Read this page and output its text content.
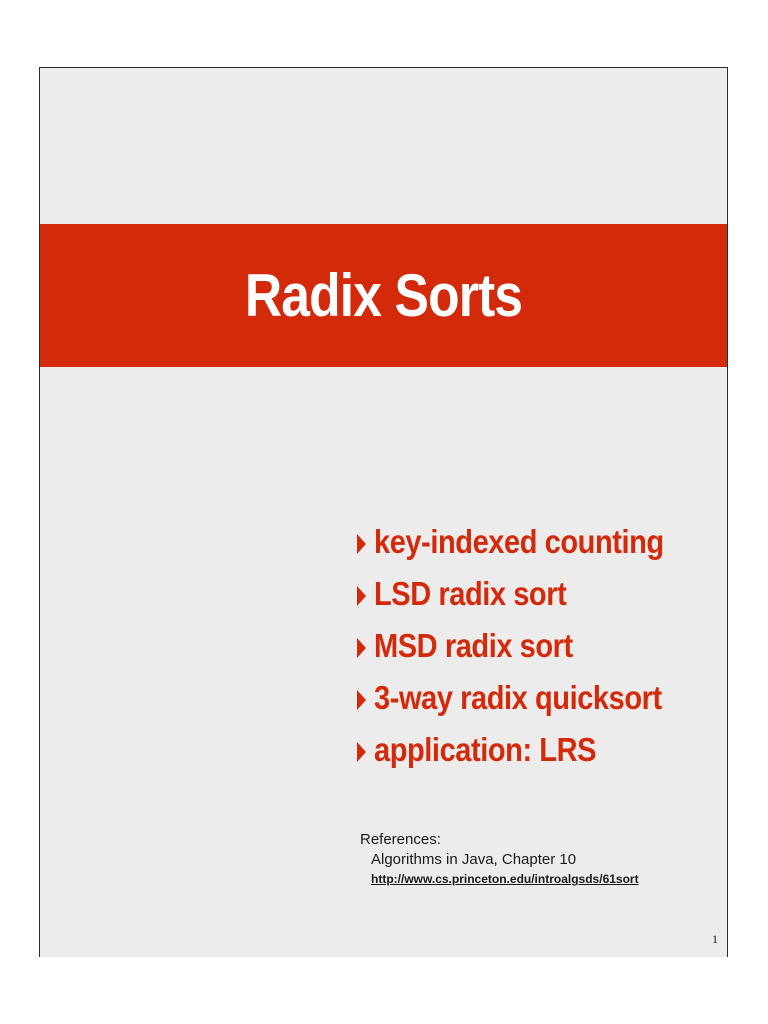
Radix Sorts
key-indexed counting
LSD radix sort
MSD radix sort
3-way radix quicksort
application: LRS
References:
Algorithms in Java, Chapter 10
http://www.cs.princeton.edu/introalgsds/61sort
1
